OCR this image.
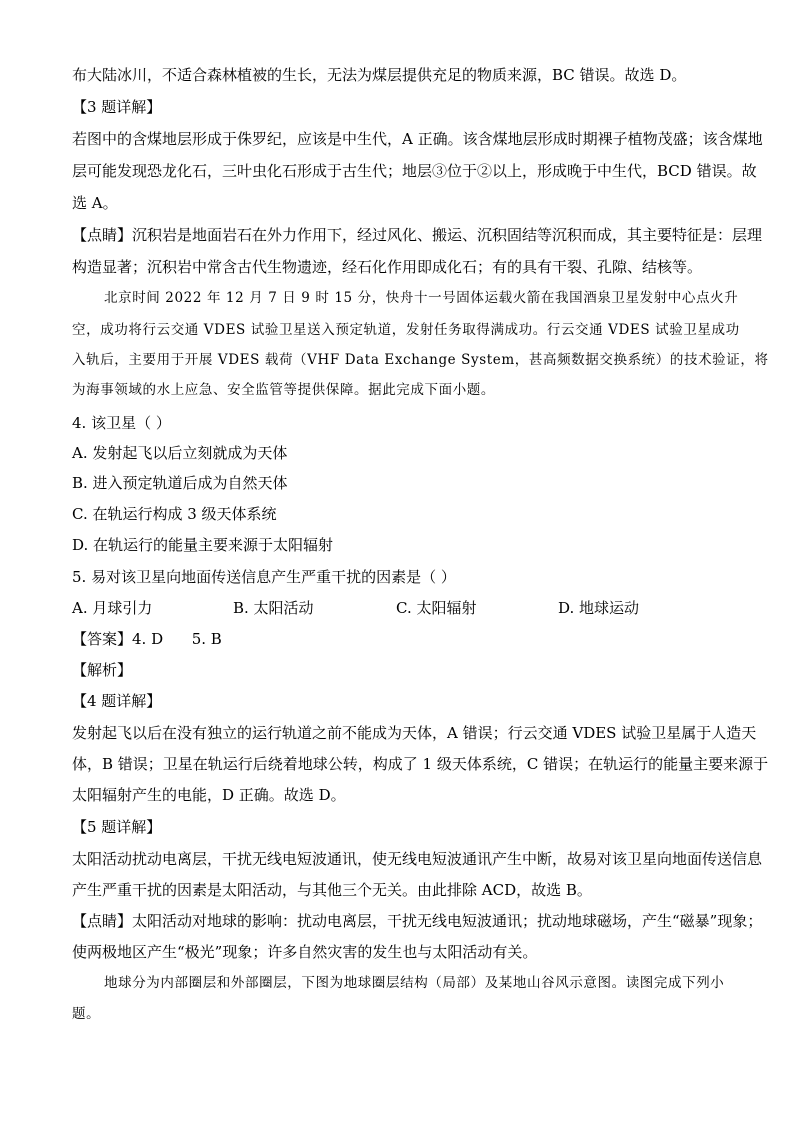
布大陆冰川，不适合森林植被的生长，无法为煤层提供充足的物质来源，BC 错误。故选 D。
【3 题详解】
若图中的含煤地层形成于侏罗纪，应该是中生代，A 正确。该含煤地层形成时期裸子植物茂盛；该含煤地
层可能发现恐龙化石，三叶虫化石形成于古生代；地层③位于②以上，形成晚于中生代，BCD 错误。故
选 A。
【点睛】沉积岩是地面岩石在外力作用下，经过风化、搬运、沉积固结等沉积而成，其主要特征是：层理
构造显著；沉积岩中常含古代生物遗迹，经石化作用即成化石；有的具有干裂、孔隙、结核等。
北京时间 2022 年 12 月 7 日 9 时 15 分，快舟十一号固体运载火箭在我国酒泉卫星发射中心点火升
空，成功将行云交通 VDES 试验卫星送入预定轨道，发射任务取得满成功。行云交通 VDES 试验卫星成功
入轨后，主要用于开展 VDES 载荷（VHF Data Exchange System，甚高频数据交换系统）的技术验证，将
为海事领域的水上应急、安全监管等提供保障。据此完成下面小题。
4. 该卫星（ ）
A. 发射起飞以后立刻就成为天体
B. 进入预定轨道后成为自然天体
C. 在轨运行构成 3 级天体系统
D. 在轨运行的能量主要来源于太阳辐射
5. 易对该卫星向地面传送信息产生严重干扰的因素是（ ）
A. 月球引力	B. 太阳活动	C. 太阳辐射	D. 地球运动
【答案】4. D      5. B
【解析】
【4 题详解】
发射起飞以后在没有独立的运行轨道之前不能成为天体，A 错误；行云交通 VDES 试验卫星属于人造天
体，B 错误；卫星在轨运行后绕着地球公转，构成了 1 级天体系统，C 错误；在轨运行的能量主要来源于
太阳辐射产生的电能，D 正确。故选 D。
【5 题详解】
太阳活动扰动电离层，干扰无线电短波通讯，使无线电短波通讯产生中断，故易对该卫星向地面传送信息
产生严重干扰的因素是太阳活动，与其他三个无关。由此排除 ACD，故选 B。
【点睛】太阳活动对地球的影响：扰动电离层，干扰无线电短波通讯；扰动地球磁场，产生“磁暴”现象；
使两极地区产生“极光”现象；许多自然灾害的发生也与太阳活动有关。
地球分为内部圈层和外部圈层，下图为地球圈层结构（局部）及某地山谷风示意图。读图完成下列小
题。
